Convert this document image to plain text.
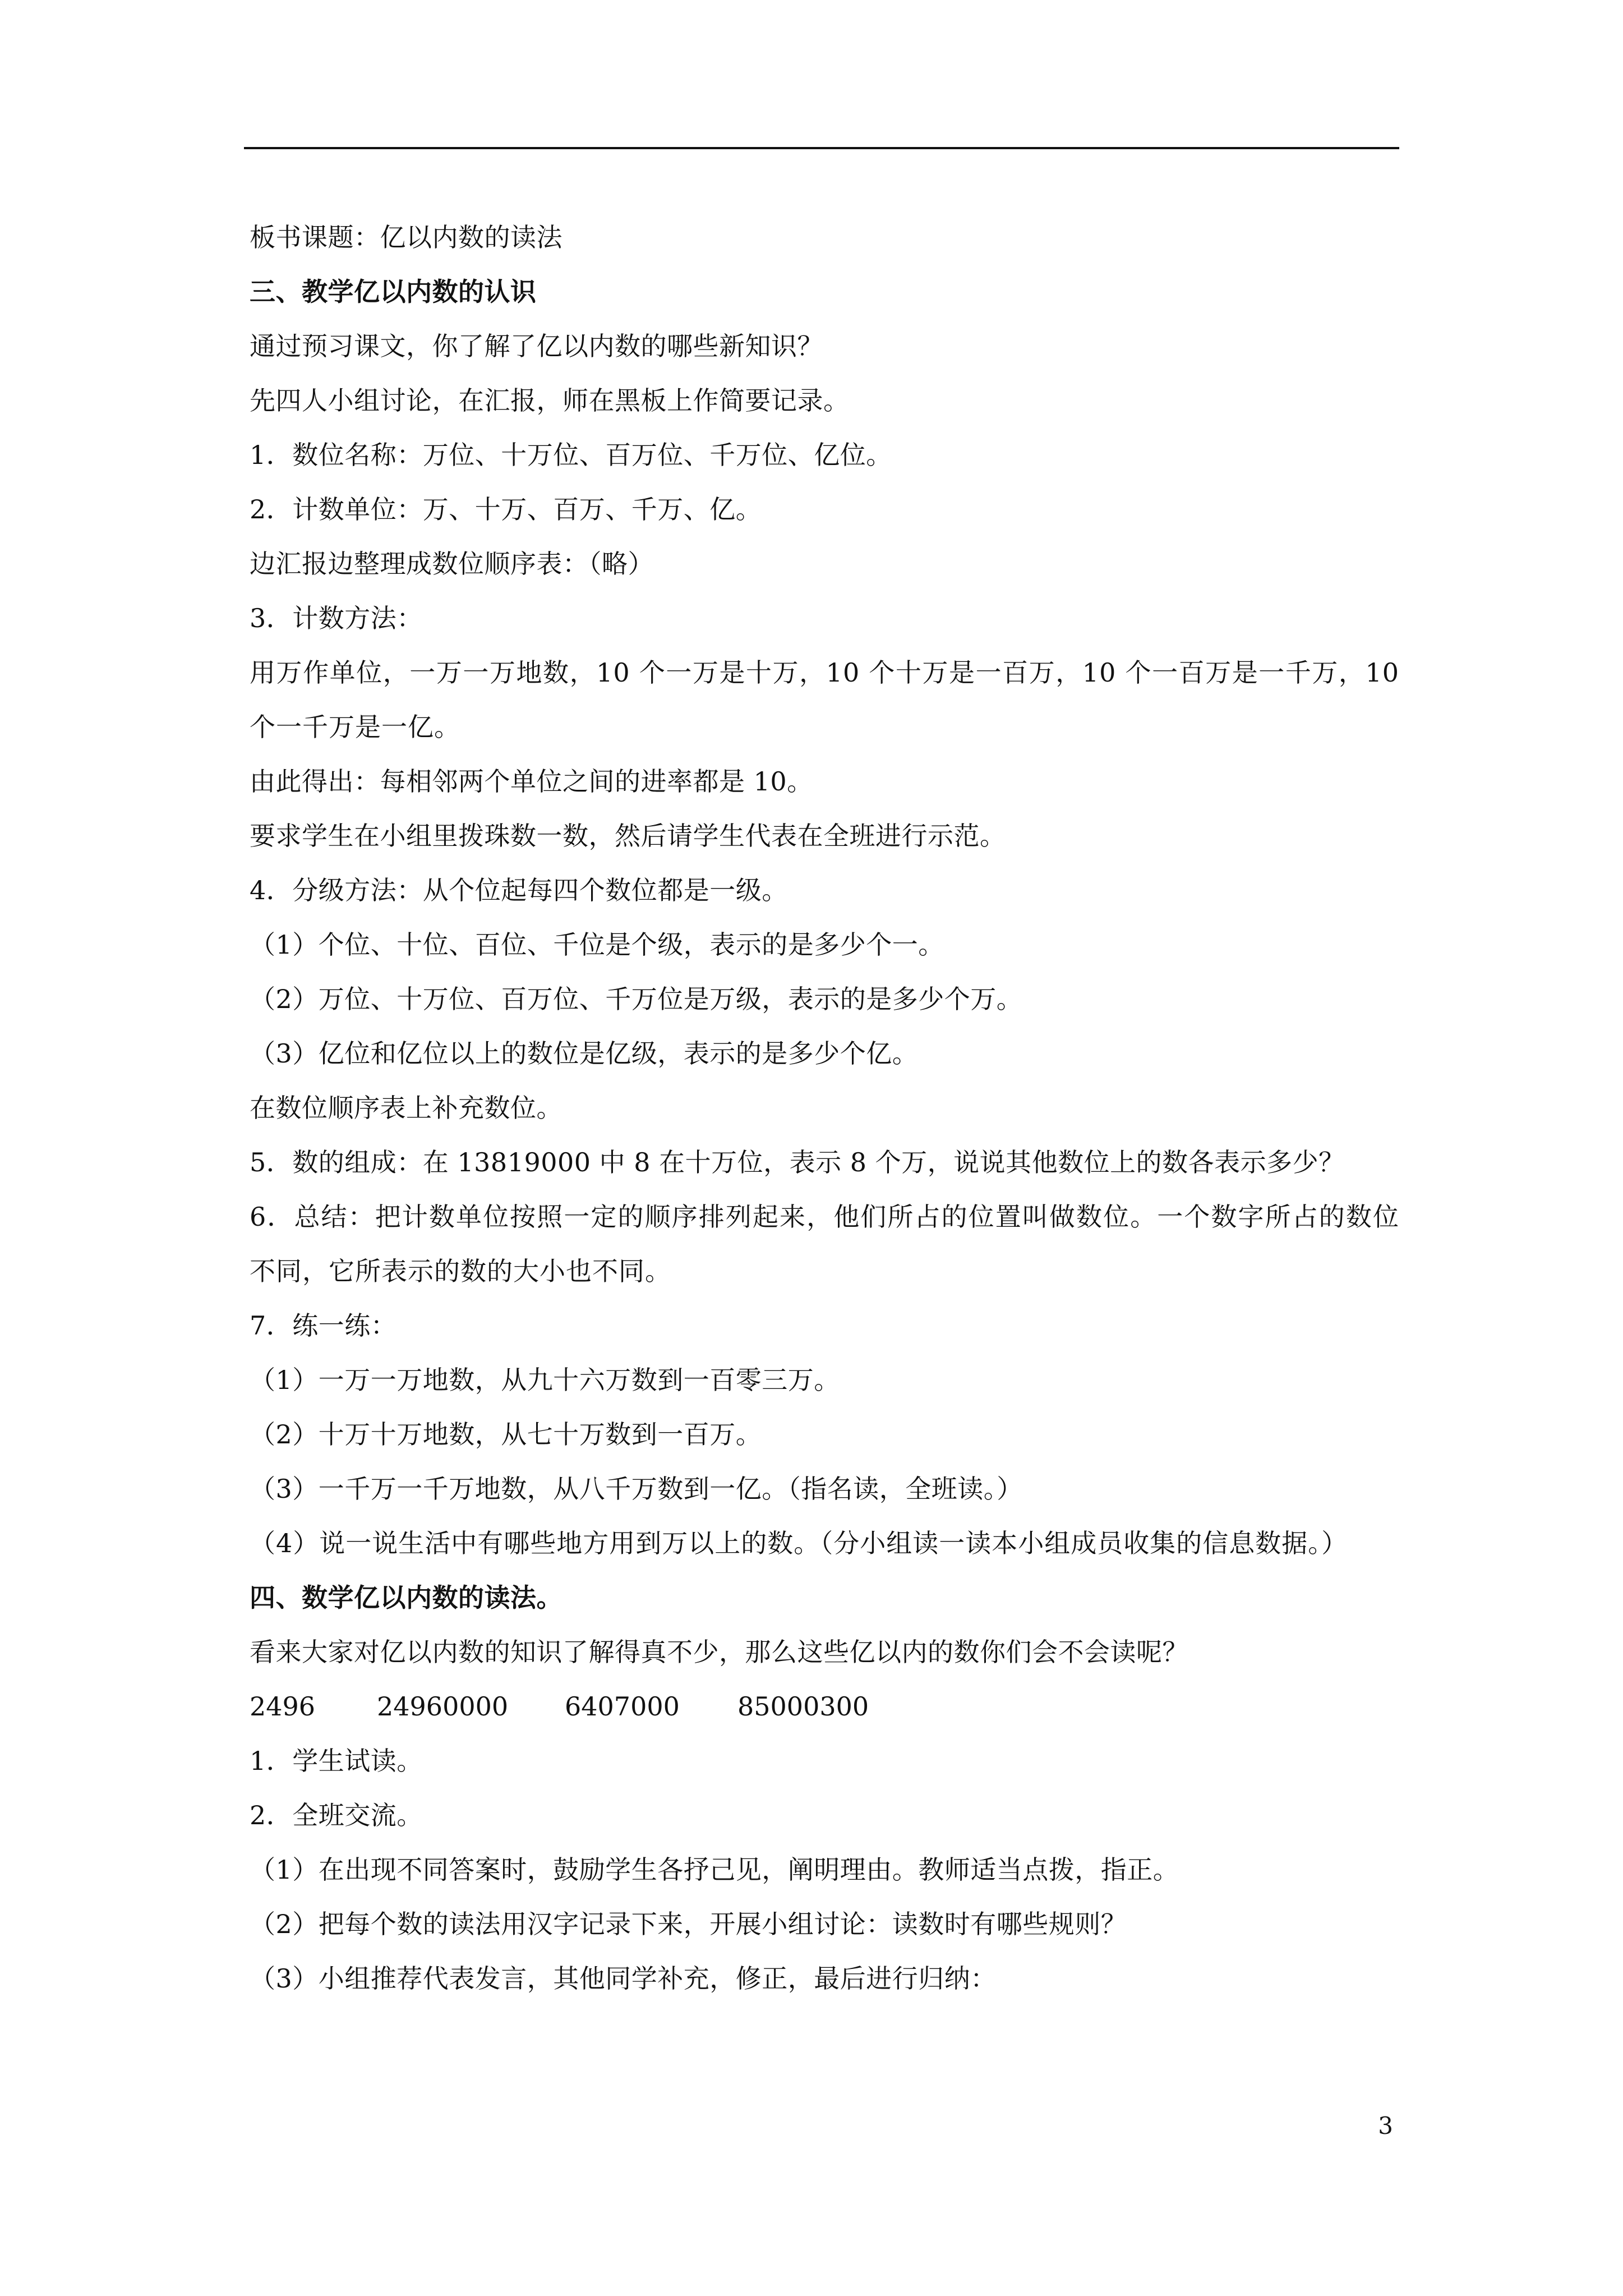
板书课题：亿以内数的读法
三、教学亿以内数的认识
通过预习课文，你了解了亿以内数的哪些新知识？
先四人小组讨论，在汇报，师在黑板上作简要记录。
1．数位名称：万位、十万位、百万位、千万位、亿位。
2．计数单位：万、十万、百万、千万、亿。
边汇报边整理成数位顺序表：（略）
3．计数方法：
用万作单位，一万一万地数，10 个一万是十万，10 个十万是一百万，10 个一百万是一千万，10 个一千万是一亿。
由此得出：每相邻两个单位之间的进率都是 10。
要求学生在小组里拨珠数一数，然后请学生代表在全班进行示范。
4．分级方法：从个位起每四个数位都是一级。
（1）个位、十位、百位、千位是个级，表示的是多少个一。
（2）万位、十万位、百万位、千万位是万级，表示的是多少个万。
（3）亿位和亿位以上的数位是亿级，表示的是多少个亿。
在数位顺序表上补充数位。
5．数的组成：在 13819000 中 8 在十万位，表示 8 个万，说说其他数位上的数各表示多少？
6．总结：把计数单位按照一定的顺序排列起来，他们所占的位置叫做数位。一个数字所占的数位不同，它所表示的数的大小也不同。
7．练一练：
（1）一万一万地数，从九十六万数到一百零三万。
（2）十万十万地数，从七十万数到一百万。
（3）一千万一千万地数，从八千万数到一亿。（指名读，全班读。）
（4）说一说生活中有哪些地方用到万以上的数。（分小组读一读本小组成员收集的信息数据。）
四、数学亿以内数的读法。
看来大家对亿以内数的知识了解得真不少，那么这些亿以内的数你们会不会读呢？
2496 24960000 6407000 85000300
1．学生试读。
2．全班交流。
（1）在出现不同答案时，鼓励学生各抒己见，阐明理由。教师适当点拨，指正。
（2）把每个数的读法用汉字记录下来，开展小组讨论：读数时有哪些规则？
（3）小组推荐代表发言，其他同学补充，修正，最后进行归纳：
3
